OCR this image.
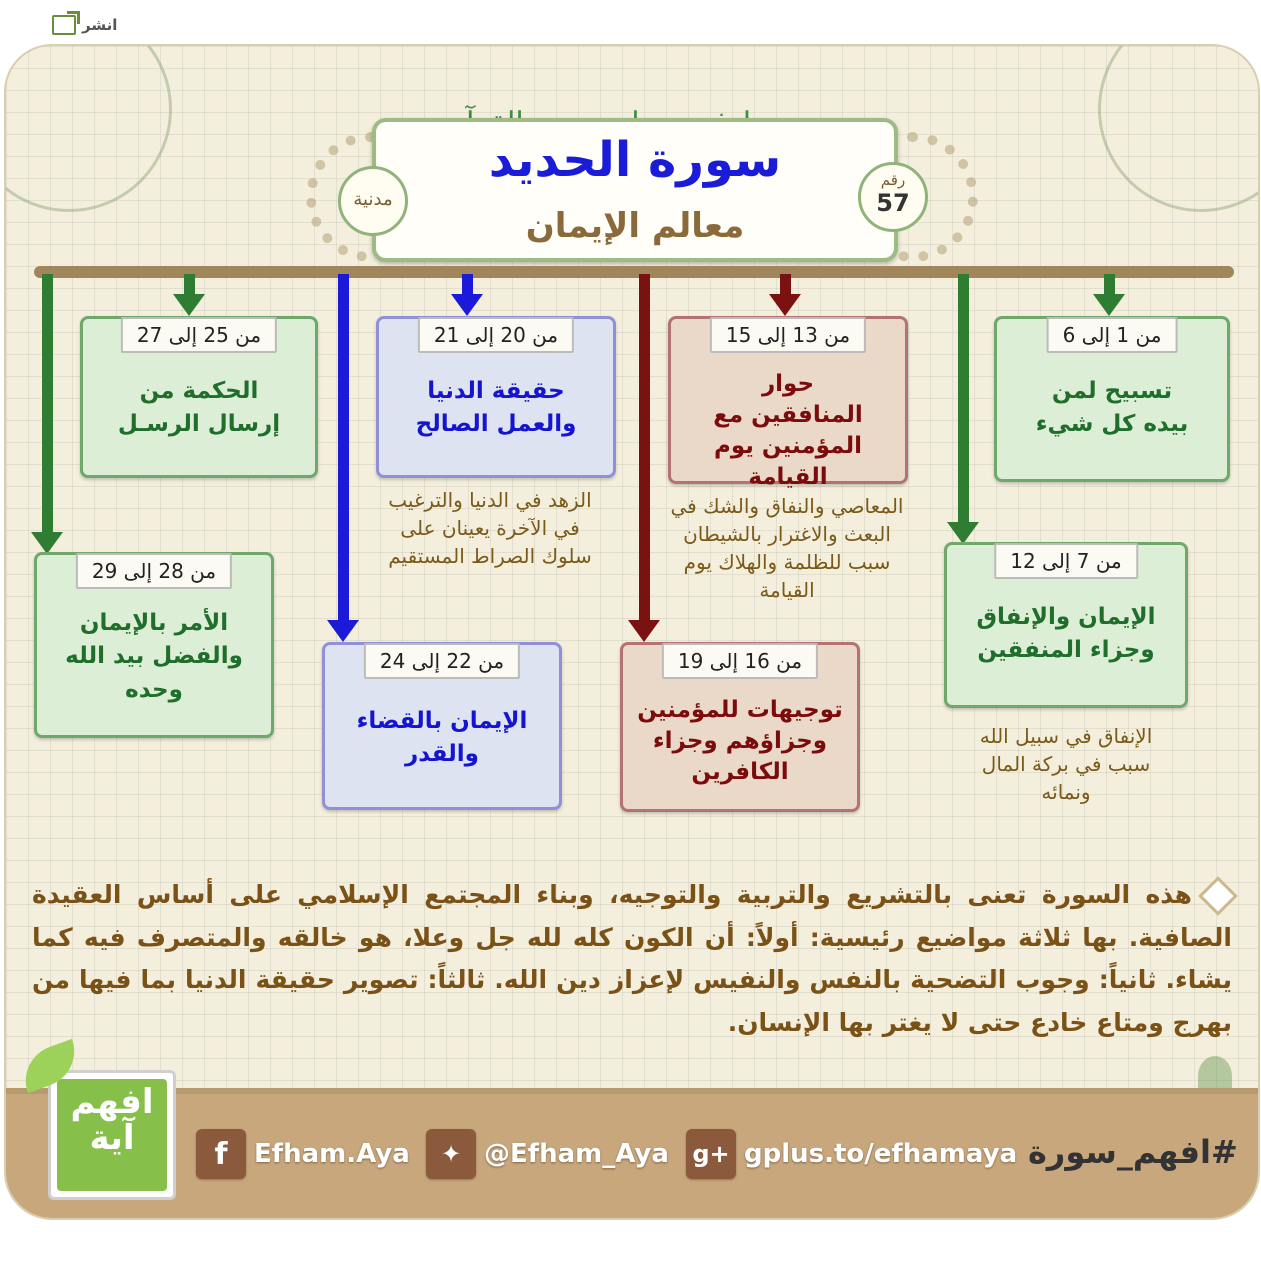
انشر
سورة الحديد
معالم الإيمان
مدنية
رقم
57
من 1 إلى 6
تسبيح لمن بيده كل شيء
من 7 إلى 12
الإيمان والإنفاق وجزاء المنفقين
من 13 إلى 15
حوار المنافقين مع المؤمنين يوم القيامة
من 16 إلى 19
توجيهات للمؤمنين وجزاؤهم وجزاء الكافرين
من 20 إلى 21
حقيقة الدنيا والعمل الصالح
من 22 إلى 24
الإيمان بالقضاء والقدر
من 25 إلى 27
الحكمة من إرسال الرسـل
من 28 إلى 29
الأمر بالإيمان والفضل بيد الله وحده
الإنفاق في سبيل الله سبب في بركة المال ونمائه
المعاصي والنفاق والشك في البعث والاغترار بالشيطان سبب للظلمة والهلاك يوم القيامة
الزهد في الدنيا والترغيب في الآخرة يعينان على سلوك الصراط المستقيم
هذه السورة تعنى بالتشريع والتربية والتوجيه، وبناء المجتمع الإسلامي على أساس العقيدة الصافية. بها ثلاثة مواضيع رئيسية: أولاً: أن الكون كله لله جل وعلا، هو خالقه والمتصرف فيه كما يشاء. ثانياً: وجوب التضحية بالنفس والنفيس لإعزاز دين الله. ثالثاً: تصوير حقيقة الدنيا بما فيها من بهرج ومتاع خادع حتى لا يغتر بها الإنسان.
f	Efham.Aya	✦ @Efham_Aya g+ gplus.to/efhamaya #افهم_سورة
افهم آية
